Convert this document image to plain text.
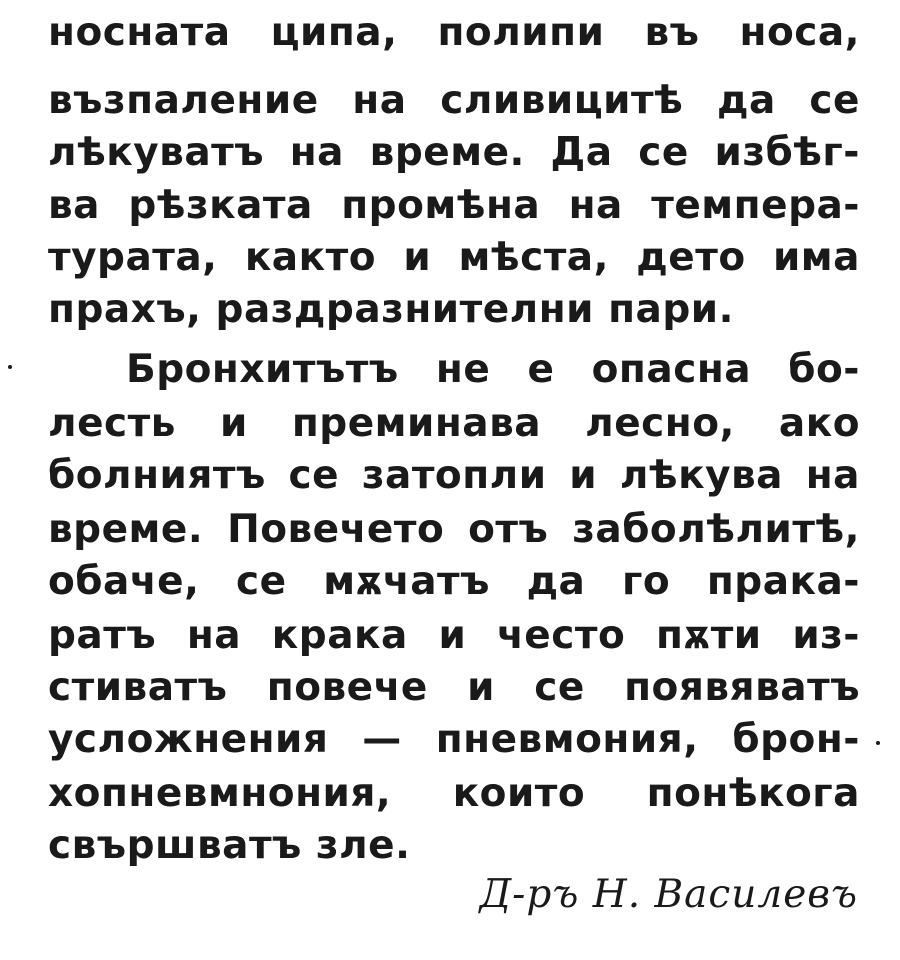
носната ципа, полипи въ носа,
възпаление на сливицитѣ да се
лѣкуватъ на време. Да се избѣг-
ва рѣзката промѣна на темпера-
турата, както и мѣста, дето има
прахъ, раздразнителни пари.
Бронхитътъ не е опасна бо-
лесть и преминава лесно, ако
болниятъ се затопли и лѣкува на
време. Повечето отъ заболѣлитѣ,
обаче, се мѫчатъ да го прака-
ратъ на крака и често пѫти из-
стиватъ повече и се появяватъ
усложнения — пневмония, брон-
хопневмнония, които понѣкога
свършватъ зле.
Д-ръ Н. Василевъ
